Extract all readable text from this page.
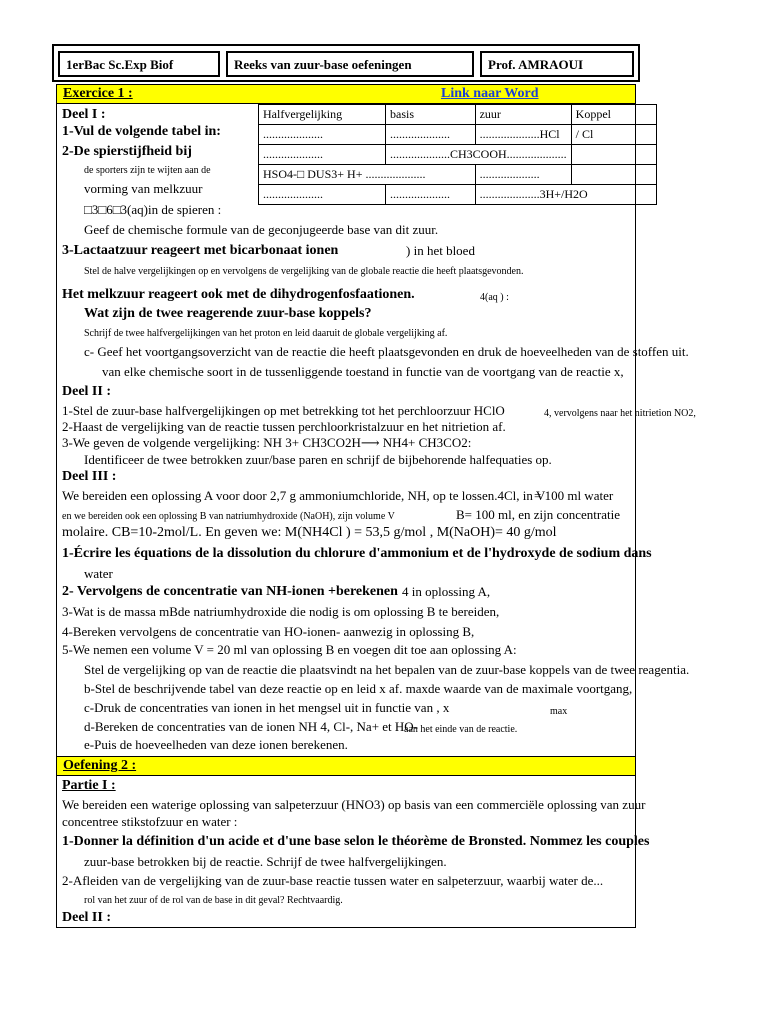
1erBac Sc.Exp Biof	Reeks van zuur-base oefeningen	Prof. AMRAOUI
Exercice 1 :	Link naar Word
Deel I :
1-Vul de volgende tabel in:
2-De spierstijfheid bij
de sporters zijn te wijten aan de
vorming van melkzuur
□3□6□3(aq)in de spieren :
Halfvergelijking	basis	zuur	Koppel
....................	....................	....................HCl	/ Cl
....................	....................CH3COOH....................		
HSO4-□ DUS3+ H+ ....................		....................	
....................	....................	....................3H+/H2O	
Geef de chemische formule van de geconjugeerde base van dit zuur.
3-Lactaatzuur reageert met bicarbonaat ionen	) in het bloed
Stel de halve vergelijkingen op en vervolgens de vergelijking van de globale reactie die heeft plaatsgevonden.
Het melkzuur reageert ook met de dihydrogenfosfaationen.	4(aq ) :
Wat zijn de twee reagerende zuur-base koppels?
Schrijf de twee halfvergelijkingen van het proton en leid daaruit de globale vergelijking af.
c- Geef het voortgangsoverzicht van de reactie die heeft plaatsgevonden en druk de hoeveelheden van de stoffen uit.
van elke chemische soort in de tussenliggende toestand in functie van de voortgang van de reactie x,
Deel II :
1-Stel de zuur-base halfvergelijkingen op met betrekking tot het perchloorzuur HClO	4, vervolgens naar het nitrietion NO2,
2-Haast de vergelijking van de reactie tussen perchloorkristalzuur en het nitrietion af.
3-We geven de volgende vergelijking: NH 3+ CH3CO2H⟶ NH4+ CH3CO2:
Identificeer de twee betrokken zuur/base paren en schrijf de bijbehorende halfequaties op.
Deel III :
We bereiden een oplossing A voor door 2,7 g ammoniumchloride, NH, op te lossen.4Cl, in V
= 100 ml water
en we bereiden ook een oplossing B van natriumhydroxide (NaOH), zijn volume V	B= 100 ml, en zijn concentratie
molaire. CB=10-2mol/L. En geven we: M(NH4Cl ) = 53,5 g/mol , M(NaOH)= 40 g/mol
1-Écrire les équations de la dissolution du chlorure d'ammonium et de l'hydroxyde de sodium dans
water
2- Vervolgens de concentratie van NH-ionen +berekenen 4 in oplossing A,
3-Wat is de massa mBde natriumhydroxide die nodig is om oplossing B te bereiden,
4-Bereken vervolgens de concentratie van HO-ionen- aanwezig in oplossing B,
5-We nemen een volume V = 20 ml van oplossing B en voegen dit toe aan oplossing A:
Stel de vergelijking op van de reactie die plaatsvindt na het bepalen van de zuur-base koppels van de twee reagentia.
b-Stel de beschrijvende tabel van deze reactie op en leid x af. maxde waarde van de maximale voortgang,
c-Druk de concentraties van ionen in het mengsel uit in functie van , x	max
d-Bereken de concentraties van de ionen NH 4, Cl-, Na+ et HO-
aan het einde van de reactie.
e-Puis de hoeveelheden van deze ionen berekenen.
Oefening 2 :
Partie I :
We bereiden een waterige oplossing van salpeterzuur (HNO3) op basis van een commerciële oplossing van zuur
concentree stikstofzuur en water :
1-Donner la définition d'un acide et d'une base selon le théorème de Bronsted. Nommez les couples
zuur-base betrokken bij de reactie. Schrijf de twee halfvergelijkingen.
2-Afleiden van de vergelijking van de zuur-base reactie tussen water en salpeterzuur, waarbij water de...
rol van het zuur of de rol van de base in dit geval? Rechtvaardig.
Deel II :
